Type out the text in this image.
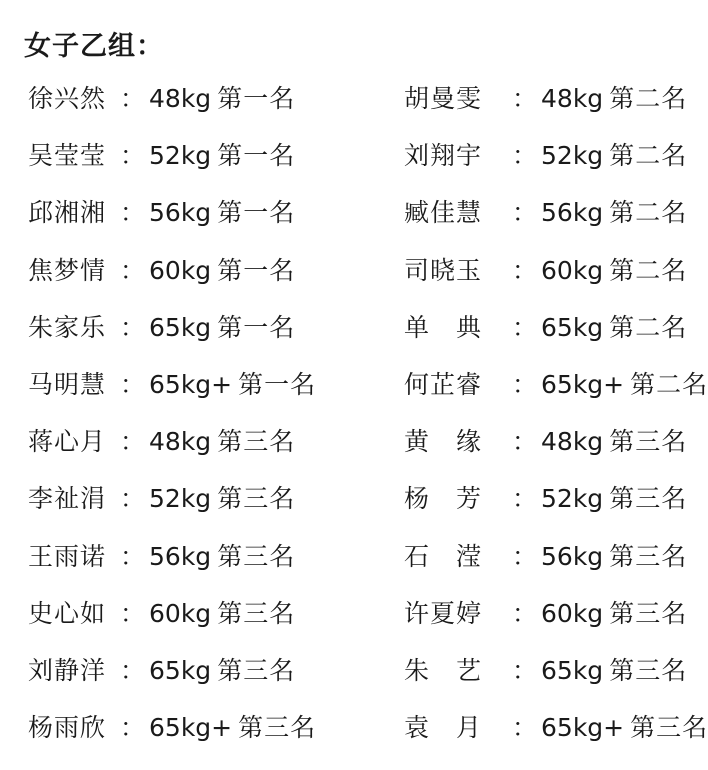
女子乙组：
徐兴然 ： 48kg 第一名
吴莹莹 ： 52kg 第一名
邱湘湘 ： 56kg 第一名
焦梦情 ： 60kg 第一名
朱家乐 ： 65kg 第一名
马明慧 ： 65kg+ 第一名
蒋心月 ： 48kg 第三名
李祉涓 ： 52kg 第三名
王雨诺 ： 56kg 第三名
史心如 ： 60kg 第三名
刘静洋 ： 65kg 第三名
杨雨欣 ： 65kg+ 第三名
胡曼雯 ： 48kg 第二名
刘翔宇 ： 52kg 第二名
臧佳慧 ： 56kg 第二名
司晓玉 ： 60kg 第二名
单　典 ： 65kg 第二名
何芷睿 ： 65kg+ 第二名
黄　缘 ： 48kg 第三名
杨　芳 ： 52kg 第三名
石　滢 ： 56kg 第三名
许夏婷 ： 60kg 第三名
朱　艺 ： 65kg 第三名
袁　月 ： 65kg+ 第三名
